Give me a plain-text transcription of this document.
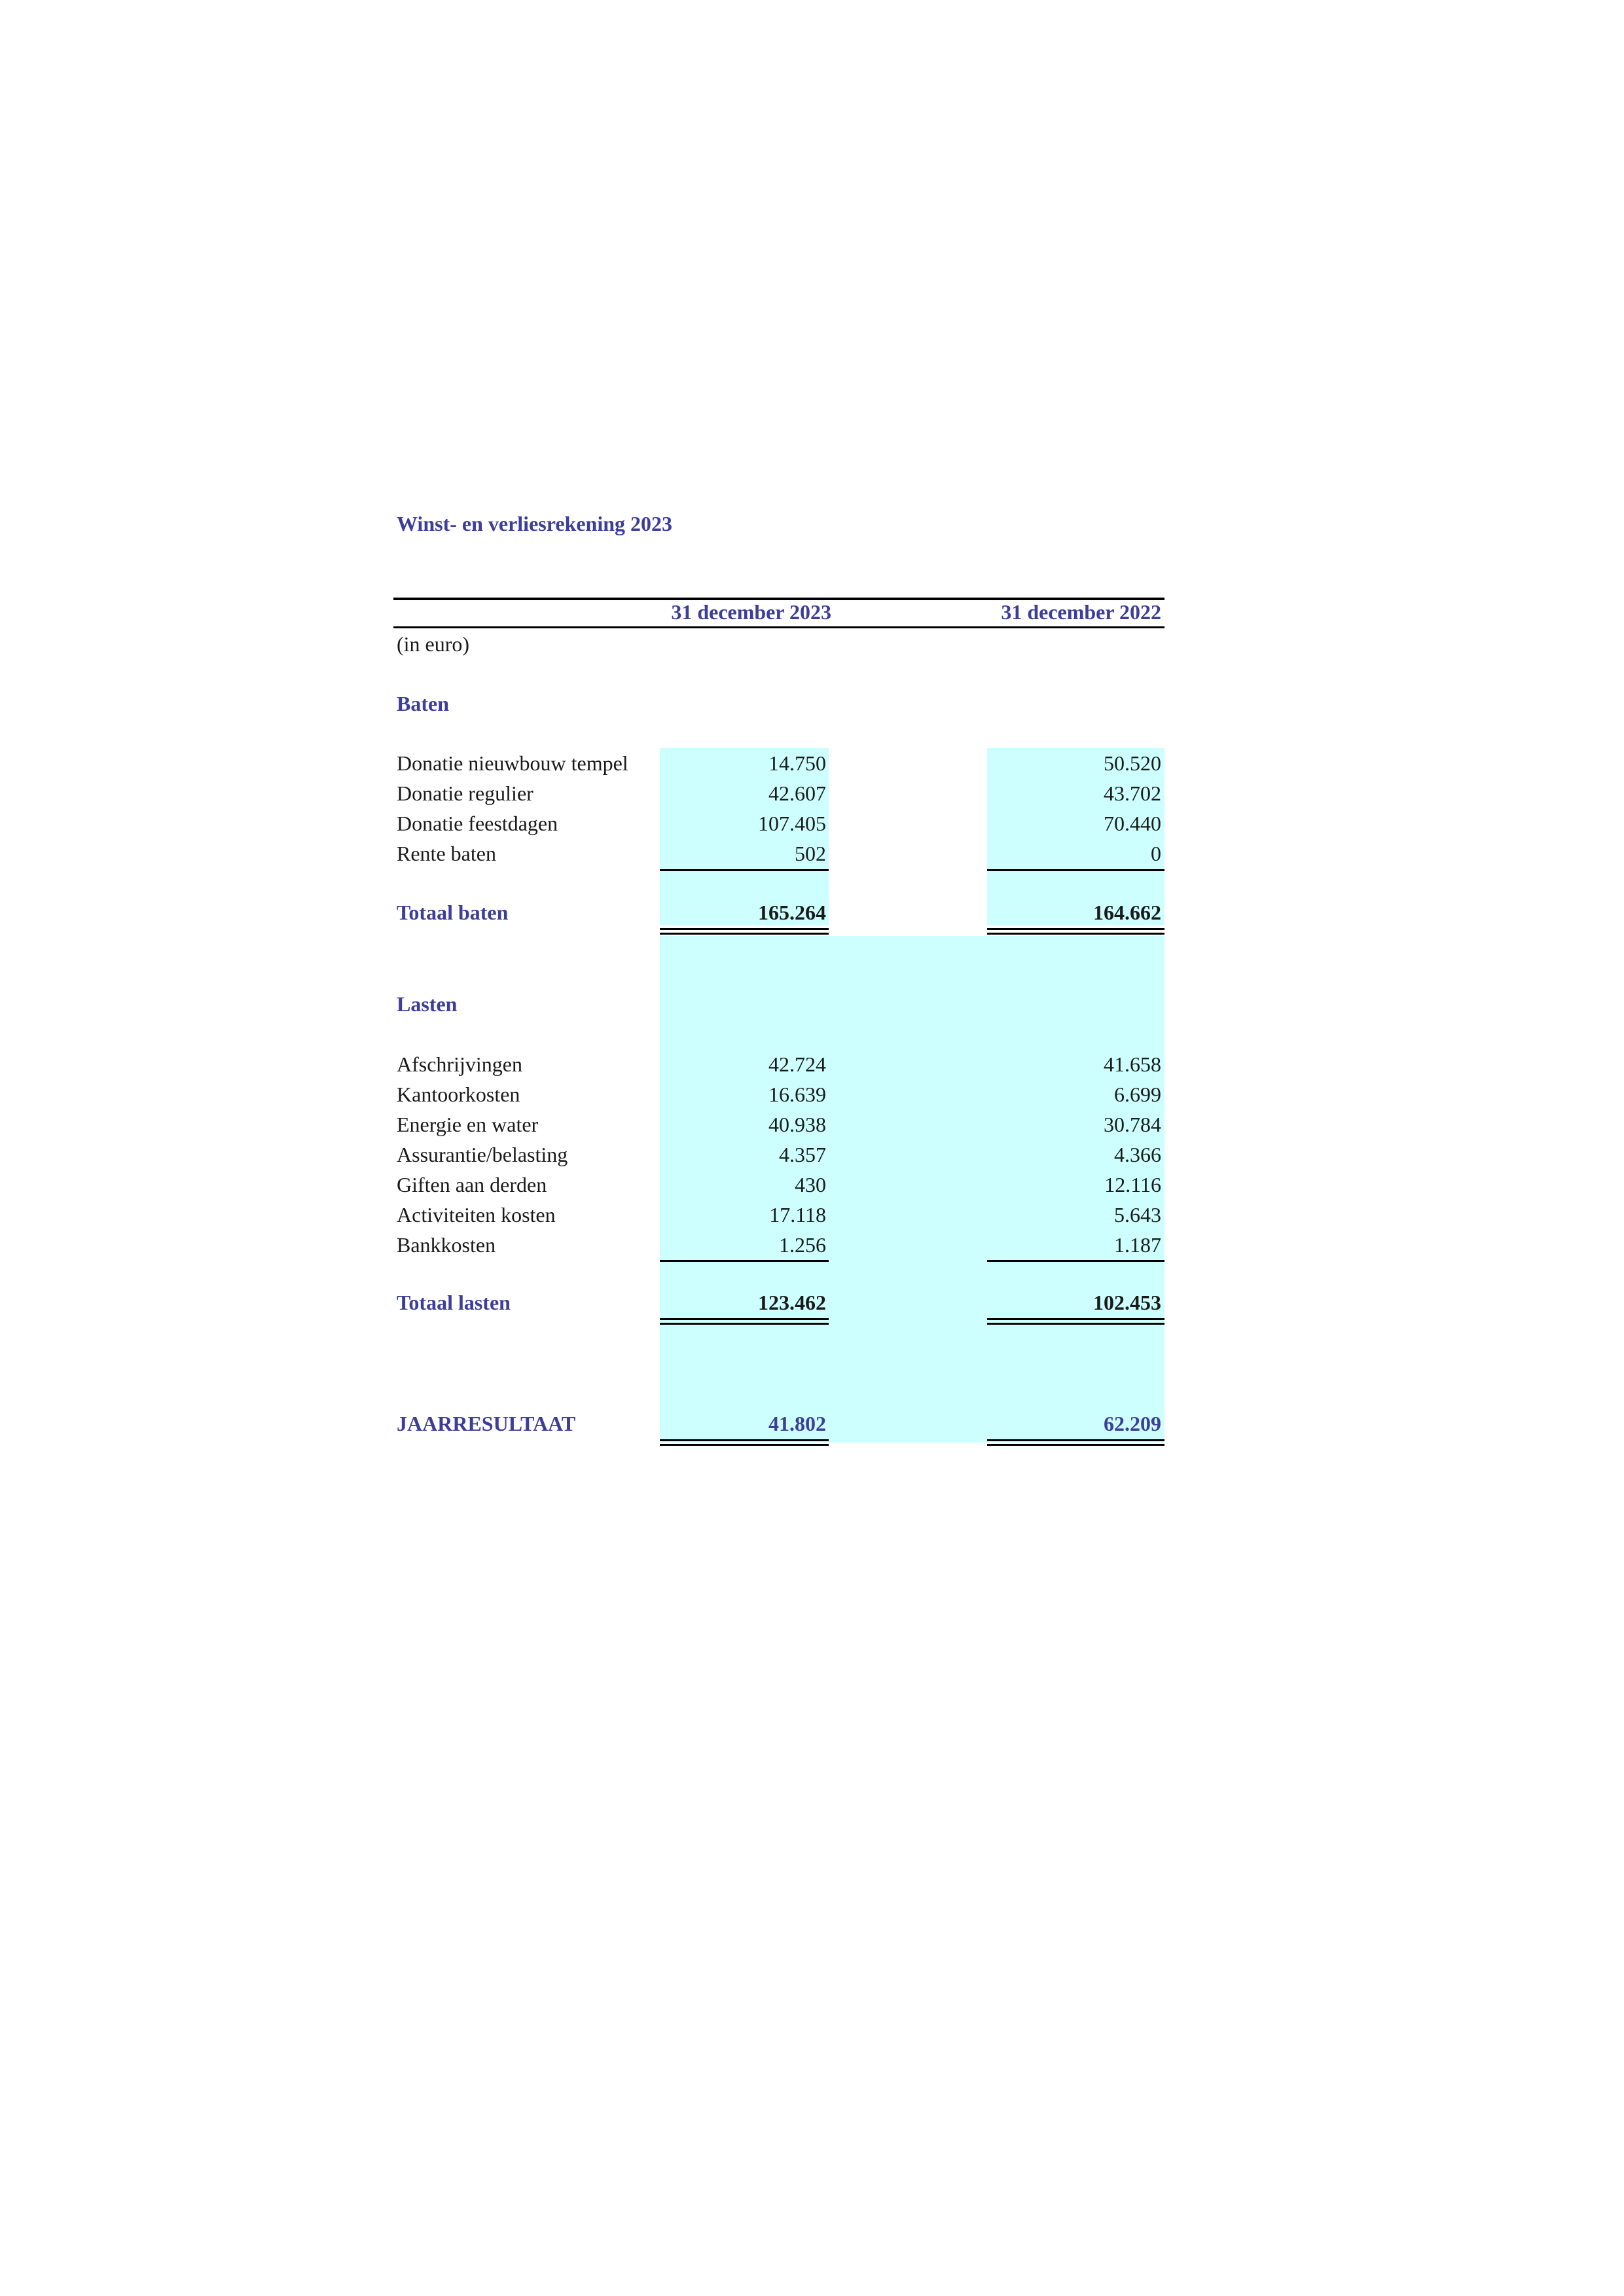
Winst- en verliesrekening 2023
31 december 2023	31 december 2022
(in euro)
Baten
Donatie nieuwbouw tempel	14.750	50.520
Donatie regulier	42.607	43.702
Donatie feestdagen	107.405	70.440
Rente baten	502	0
Totaal baten	165.264	164.662
Lasten
Afschrijvingen	42.724	41.658
Kantoorkosten	16.639	6.699
Energie en water	40.938	30.784
Assurantie/belasting	4.357	4.366
Giften aan derden	430	12.116
Activiteiten kosten	17.118	5.643
Bankkosten	1.256	1.187
Totaal lasten	123.462	102.453
JAARRESULTAAT	41.802	62.209
